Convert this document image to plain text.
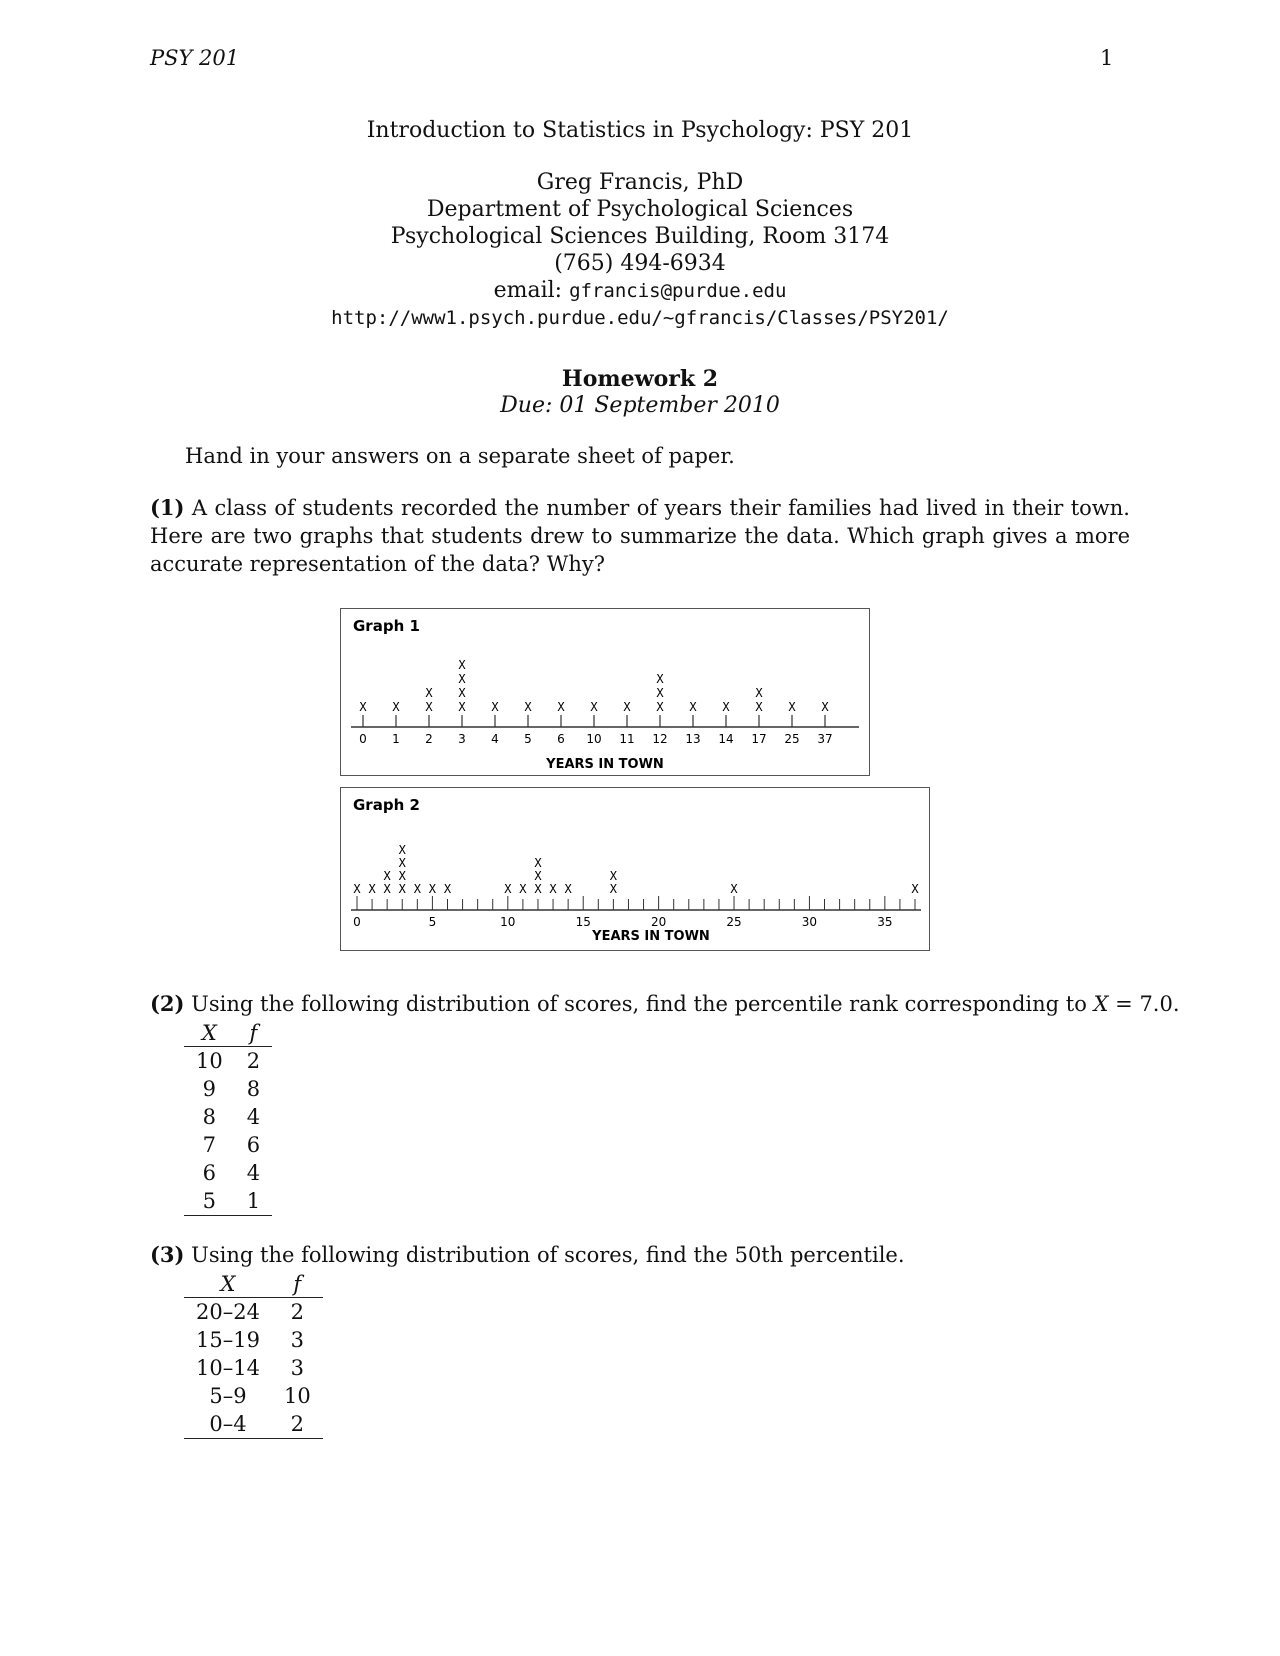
PSY 201	1
Introduction to Statistics in Psychology: PSY 201
Greg Francis, PhD
Department of Psychological Sciences
Psychological Sciences Building, Room 3174
(765) 494-6934
email: gfrancis@purdue.edu
http://www1.psych.purdue.edu/~gfrancis/Classes/PSY201/
Homework 2
Due: 01 September 2010
Hand in your answers on a separate sheet of paper.
(1) A class of students recorded the number of years their families had lived in their town. Here are two graphs that students drew to summarize the data. Which graph gives a more accurate representation of the data? Why?
Graph 1
YEARS IN TOWN
0
X
1
X
2
X
X
3
X
X
X
X
4
X
5
X
6
X
10
X
11
X
12
X
X
X
13
X
14
X
17
X
X
25
X
37
X
Graph 2
YEARS IN TOWN
0	5	10	15	20	25	30	35
X X X
X
X
X
X
X
X X X	X X X
X
X
X X	X
X
X	X
(2) Using the following distribution of scores, find the percentile rank corresponding to X = 7.0.
X	f
10	2
9	8
8	4
7	6
6	4
5	1
(3) Using the following distribution of scores, find the 50th percentile.
X	f
20–24	2
15–19	3
10–14	3
5–9	10
0–4	2
